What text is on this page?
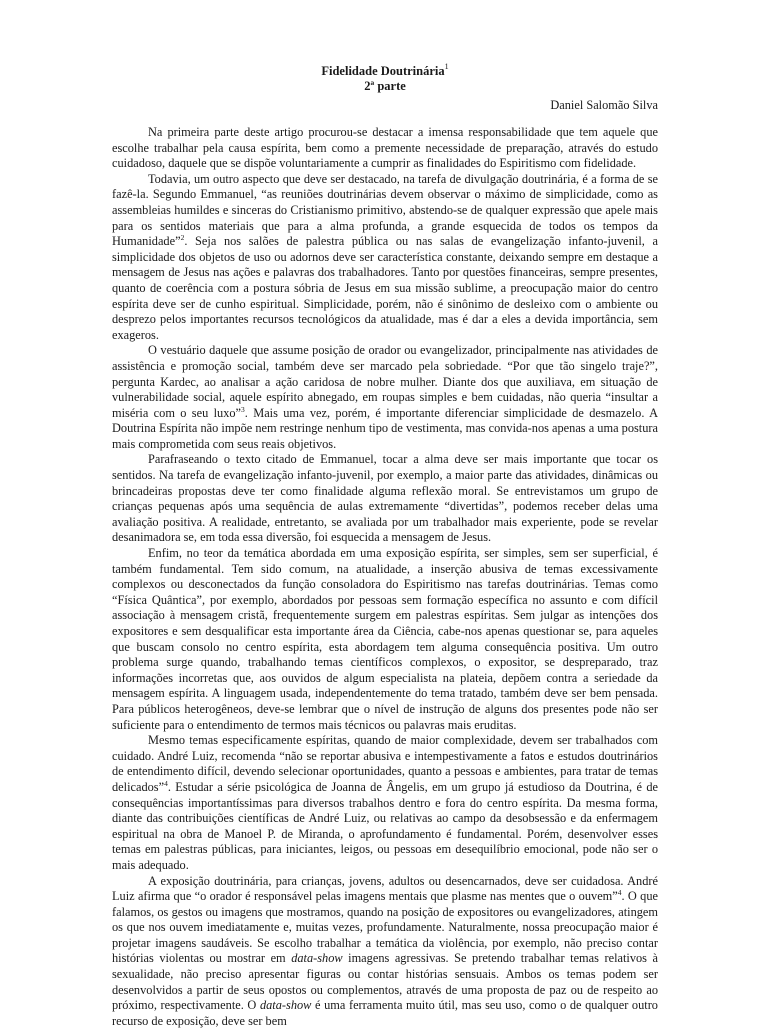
Fidelidade Doutrinária$^1$
2ª parte
Daniel Salomão Silva

Na primeira parte deste artigo procurou-se destacar a imensa responsabilidade que tem aquele que escolhe trabalhar pela causa espírita, bem como a premente necessidade de preparação, através do estudo cuidadoso, daquele que se dispõe voluntariamente a cumprir as finalidades do Espiritismo com fidelidade.

Todavia, um outro aspecto que deve ser destacado, na tarefa de divulgação doutrinária, é a forma de se fazê-la. Segundo Emmanuel, “as reuniões doutrinárias devem observar o máximo de simplicidade, como as assembleias humildes e sinceras do Cristianismo primitivo, abstendo-se de qualquer expressão que apele mais para os sentidos materiais que para a alma profunda, a grande esquecida de todos os tempos da Humanidade”$^2$. Seja nos salões de palestra pública ou nas salas de evangelização infanto-juvenil, a simplicidade dos objetos de uso ou adornos deve ser característica constante, deixando sempre em destaque a mensagem de Jesus nas ações e palavras dos trabalhadores. Tanto por questões financeiras, sempre presentes, quanto de coerência com a postura sóbria de Jesus em sua missão sublime, a preocupação maior do centro espírita deve ser de cunho espiritual. Simplicidade, porém, não é sinônimo de desleixo com o ambiente ou desprezo pelos importantes recursos tecnológicos da atualidade, mas é dar a eles a devida importância, sem exageros.

O vestuário daquele que assume posição de orador ou evangelizador, principalmente nas atividades de assistência e promoção social, também deve ser marcado pela sobriedade. “Por que tão singelo traje?”, pergunta Kardec, ao analisar a ação caridosa de nobre mulher. Diante dos que auxiliava, em situação de vulnerabilidade social, aquele espírito abnegado, em roupas simples e bem cuidadas, não queria “insultar a miséria com o seu luxo”$^3$. Mais uma vez, porém, é importante diferenciar simplicidade de desmazelo. A Doutrina Espírita não impõe nem restringe nenhum tipo de vestimenta, mas convida-nos apenas a uma postura mais comprometida com seus reais objetivos.

Parafraseando o texto citado de Emmanuel, tocar a alma deve ser mais importante que tocar os sentidos. Na tarefa de evangelização infanto-juvenil, por exemplo, a maior parte das atividades, dinâmicas ou brincadeiras propostas deve ter como finalidade alguma reflexão moral. Se entrevistamos um grupo de crianças pequenas após uma sequência de aulas extremamente “divertidas”, podemos receber delas uma avaliação positiva. A realidade, entretanto, se avaliada por um trabalhador mais experiente, pode se revelar desanimadora se, em toda essa diversão, foi esquecida a mensagem de Jesus.

Enfim, no teor da temática abordada em uma exposição espírita, ser simples, sem ser superficial, é também fundamental. Tem sido comum, na atualidade, a inserção abusiva de temas excessivamente complexos ou desconectados da função consoladora do Espiritismo nas tarefas doutrinárias. Temas como “Física Quântica”, por exemplo, abordados por pessoas sem formação específica no assunto e com difícil associação à mensagem cristã, frequentemente surgem em palestras espíritas. Sem julgar as intenções dos expositores e sem desqualificar esta importante área da Ciência, cabe-nos apenas questionar se, para aqueles que buscam consolo no centro espírita, esta abordagem tem alguma consequência positiva. Um outro problema surge quando, trabalhando temas científicos complexos, o expositor, se despreparado, traz informações incorretas que, aos ouvidos de algum especialista na plateia, depõem contra a seriedade da mensagem espírita. A linguagem usada, independentemente do tema tratado, também deve ser bem pensada. Para públicos heterogêneos, deve-se lembrar que o nível de instrução de alguns dos presentes pode não ser suficiente para o entendimento de termos mais técnicos ou palavras mais eruditas.

Mesmo temas especificamente espíritas, quando de maior complexidade, devem ser trabalhados com cuidado. André Luiz, recomenda “não se reportar abusiva e intempestivamente a fatos e estudos doutrinários de entendimento difícil, devendo selecionar oportunidades, quanto a pessoas e ambientes, para tratar de temas delicados”$^4$. Estudar a série psicológica de Joanna de Ângelis, em um grupo já estudioso da Doutrina, é de consequências importantíssimas para diversos trabalhos dentro e fora do centro espírita. Da mesma forma, diante das contribuições científicas de André Luiz, ou relativas ao campo da desobsessão e da enfermagem espiritual na obra de Manoel P. de Miranda, o aprofundamento é fundamental. Porém, desenvolver esses temas em palestras públicas, para iniciantes, leigos, ou pessoas em desequilíbrio emocional, pode não ser o mais adequado.

A exposição doutrinária, para crianças, jovens, adultos ou desencarnados, deve ser cuidadosa. André Luiz afirma que “o orador é responsável pelas imagens mentais que plasme nas mentes que o ouvem”$^4$. O que falamos, os gestos ou imagens que mostramos, quando na posição de expositores ou evangelizadores, atingem os que nos ouvem imediatamente e, muitas vezes, profundamente. Naturalmente, nossa preocupação maior é projetar imagens saudáveis. Se escolho trabalhar a temática da violência, por exemplo, não preciso contar histórias violentas ou mostrar em data-show imagens agressivas. Se pretendo trabalhar temas relativos à sexualidade, não preciso apresentar figuras ou contar histórias sensuais. Ambos os temas podem ser desenvolvidos a partir de seus opostos ou complementos, através de uma proposta de paz ou de respeito ao próximo, respectivamente. O data-show é uma ferramenta muito útil, mas seu uso, como o de qualquer outro recurso de exposição, deve ser bem
